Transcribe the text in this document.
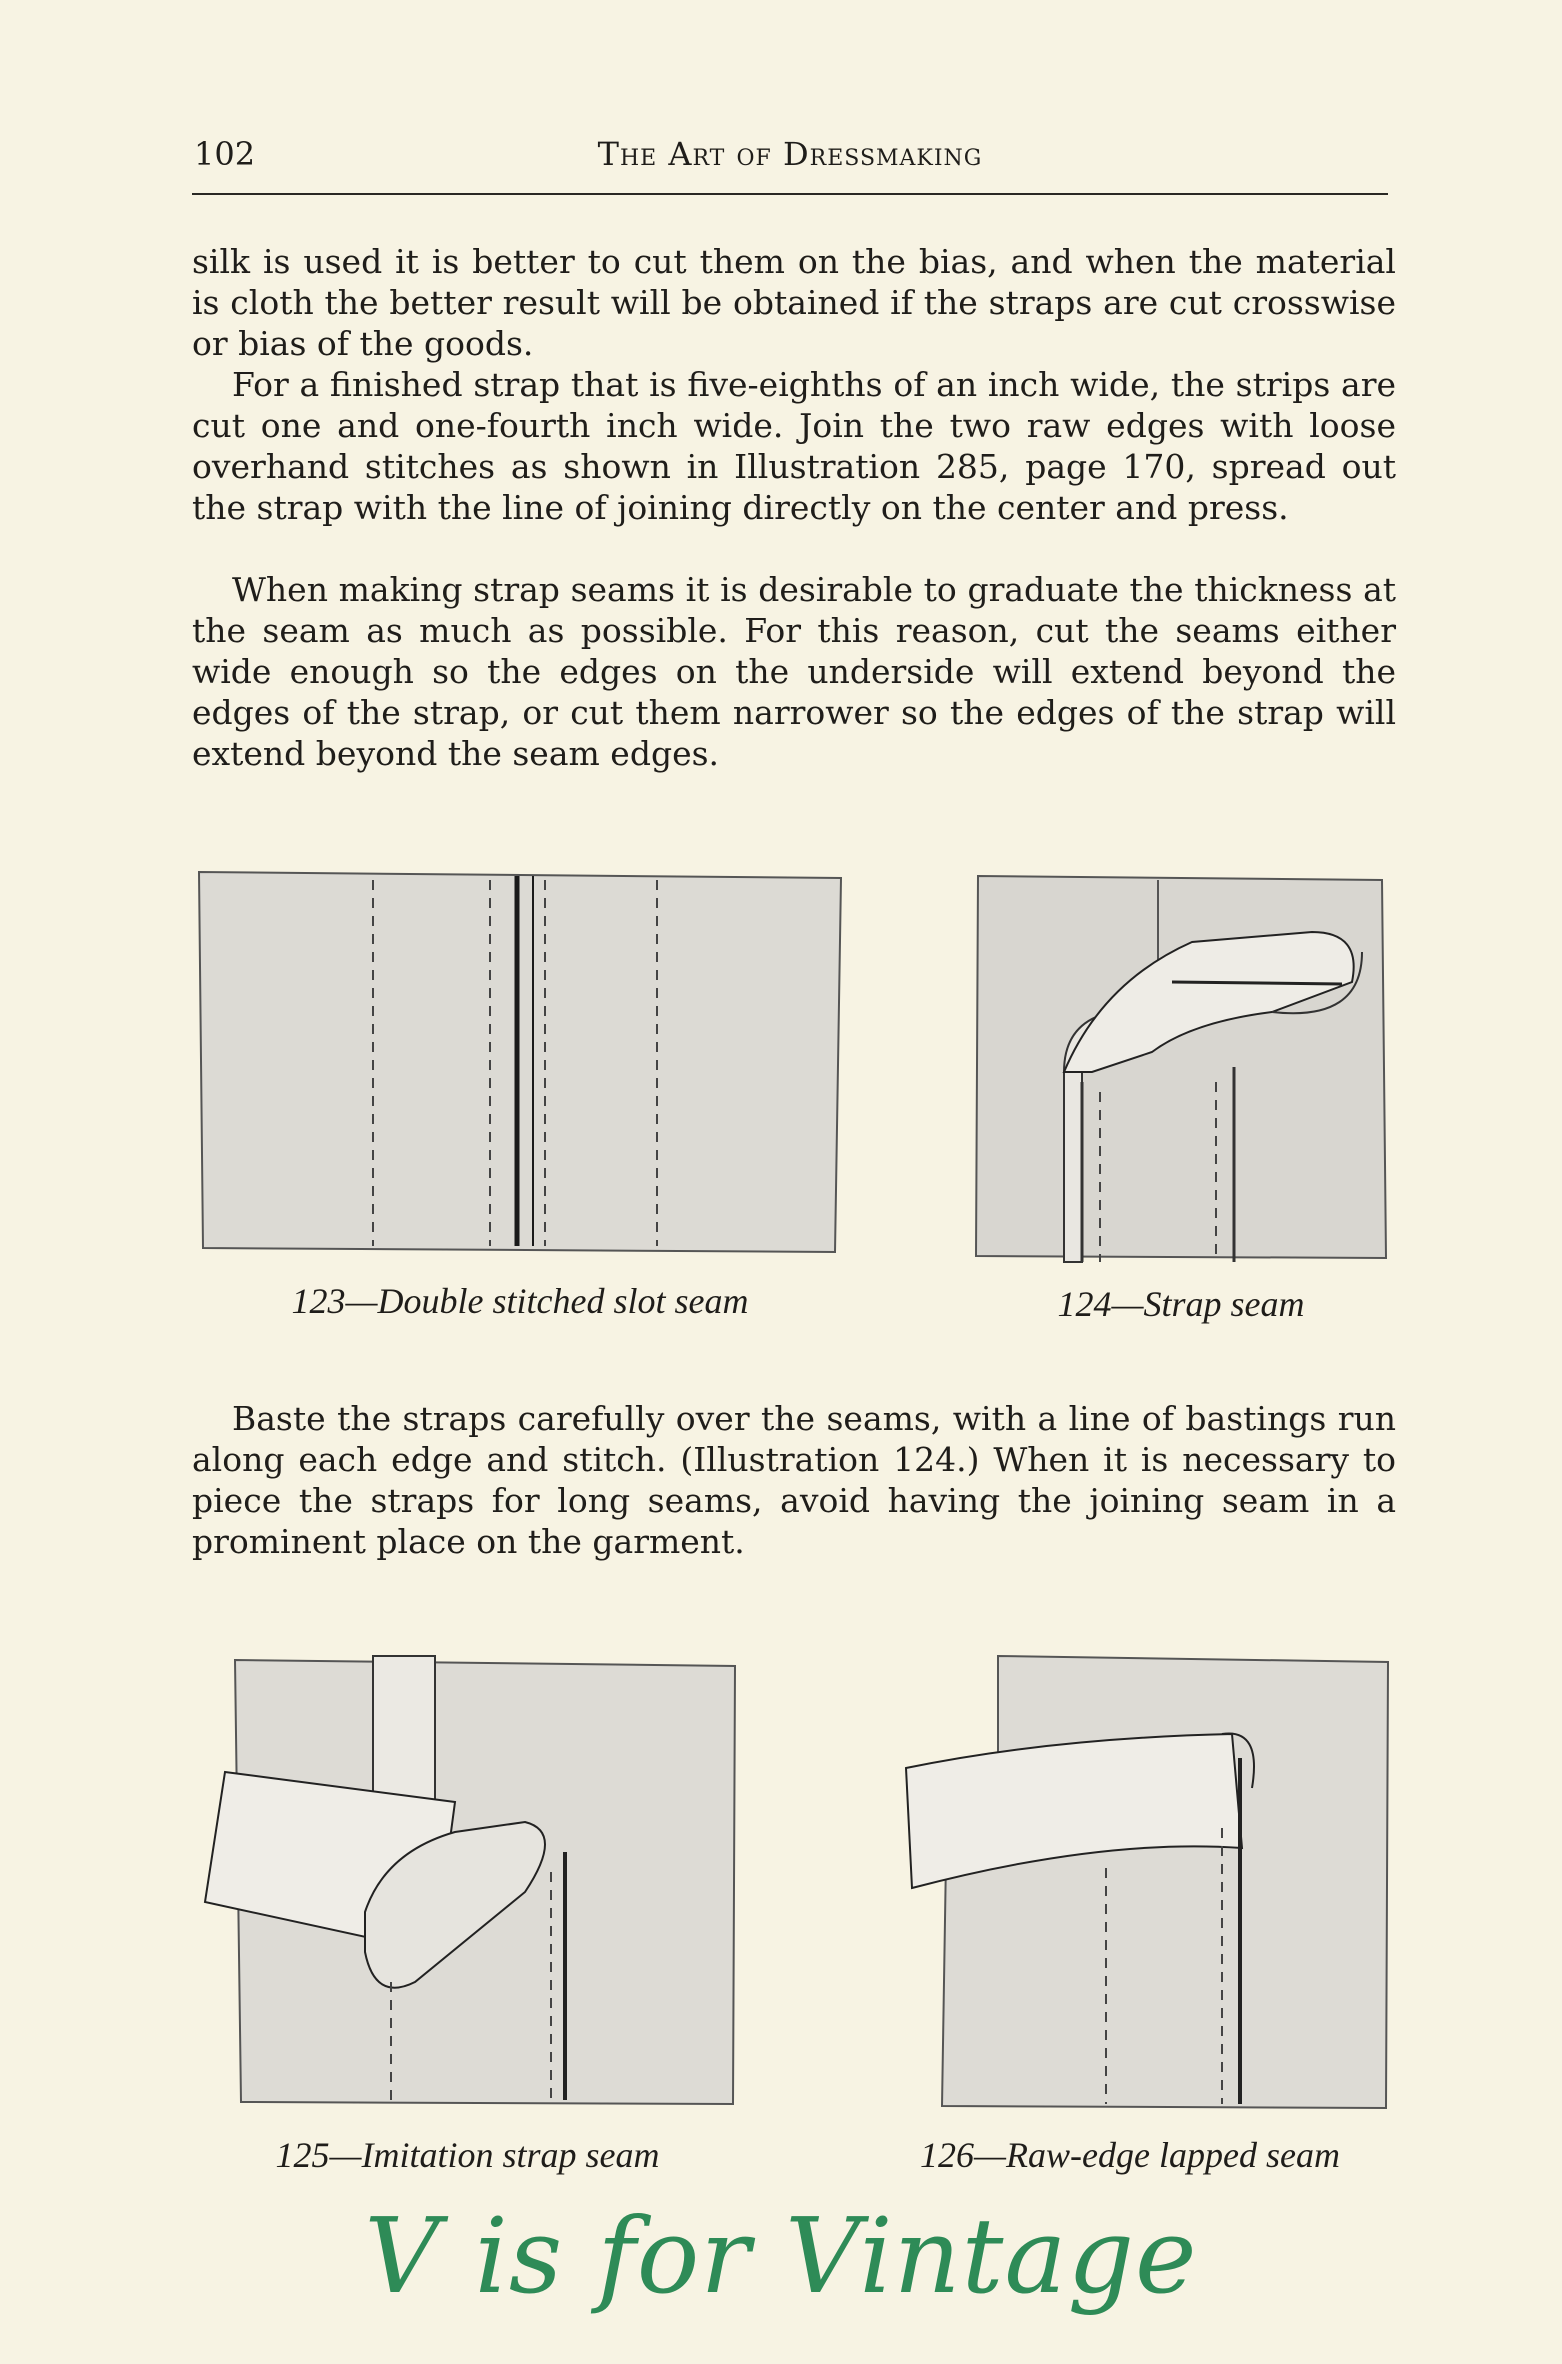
102	The Art of Dressmaking

silk is used it is better to cut them on the bias, and when the material is cloth the better result will be obtained if the straps are cut crosswise or bias of the goods.

For a finished strap that is five-eighths of an inch wide, the strips are cut one and one-fourth inch wide. Join the two raw edges with loose overhand stitches as shown in Illustration 285, page 170, spread out the strap with the line of joining directly on the center and press.

When making strap seams it is desirable to graduate the thickness at the seam as much as possible. For this reason, cut the seams either wide enough so the edges on the underside will extend beyond the edges of the strap, or cut them narrower so the edges of the strap will extend beyond the seam edges.

123—Double stitched slot seam	124—Strap seam

Baste the straps carefully over the seams, with a line of bastings run along each edge and stitch. (Illustration 124.) When it is necessary to piece the straps for long seams, avoid having the joining seam in a prominent place on the garment.

125—Imitation strap seam	126—Raw-edge lapped seam
V is for Vintage
